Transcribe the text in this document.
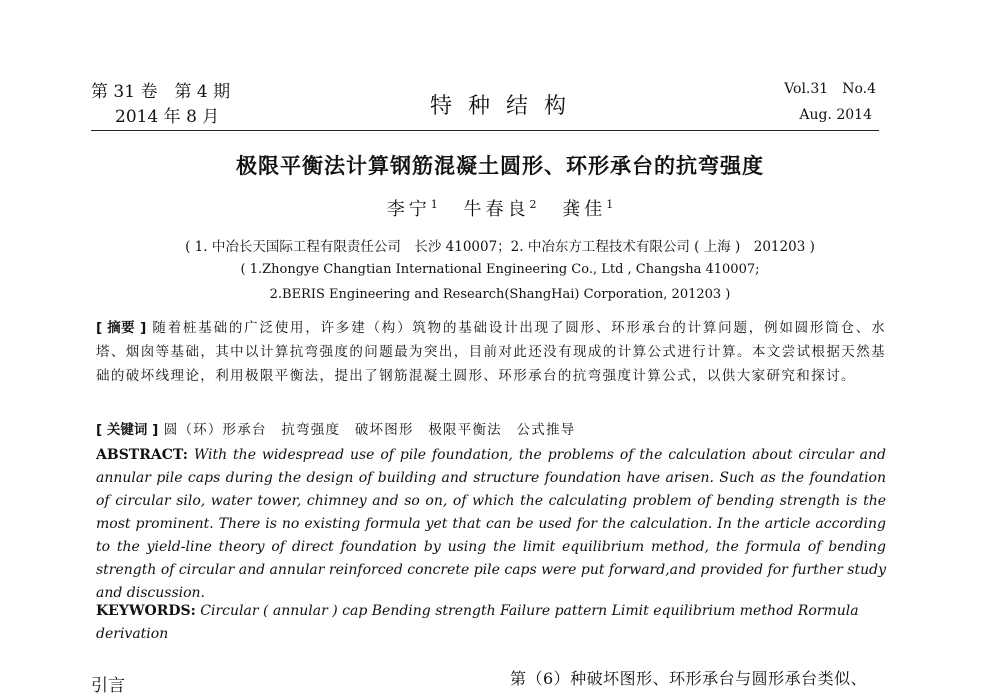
第 31 卷　第 4 期
2014 年 8 月	特种结构
Vol.31　No.4
Aug. 2014
极限平衡法计算钢筋混凝土圆形、环形承台的抗弯强度
李宁$^1$ 牛春良$^2$ 龚佳$^1$
( 1. 中冶长天国际工程有限责任公司　长沙 410007；2. 中冶东方工程技术有限公司 ( 上海 )　201203 )
( 1.Zhongye Changtian International Engineering Co., Ltd , Changsha 410007;
2.BERIS Engineering and Research(ShangHai) Corporation, 201203 )
[ 摘要 ] 随着桩基础的广泛使用，许多建（构）筑物的基础设计出现了圆形、环形承台的计算问题，例如圆形筒仓、水塔、烟囱等基础，其中以计算抗弯强度的问题最为突出，目前对此还没有现成的计算公式进行计算。本文尝试根据天然基础的破坏线理论，利用极限平衡法，提出了钢筋混凝土圆形、环形承台的抗弯强度计算公式，以供大家研究和探讨。
[ 关键词 ] 圆（环）形承台　抗弯强度　破坏图形　极限平衡法　公式推导
ABSTRACT: With the widespread use of pile foundation, the problems of the calculation about circular and annular pile caps during the design of building and structure foundation have arisen. Such as the foundation of circular silo, water tower, chimney and so on, of which the calculating problem of bending strength is the most prominent. There is no existing formula yet that can be used for the calculation. In the article according to the yield-line theory of direct foundation by using the limit equilibrium method, the formula of bending strength of circular and annular reinforced concrete pile caps were put forward,and provided for further study and discussion.
KEYWORDS: Circular ( annular ) cap Bending strength Failure pattern Limit equilibrium method Rormula derivation
引言	第（6）种破坏图形、环形承台与圆形承台类似、
